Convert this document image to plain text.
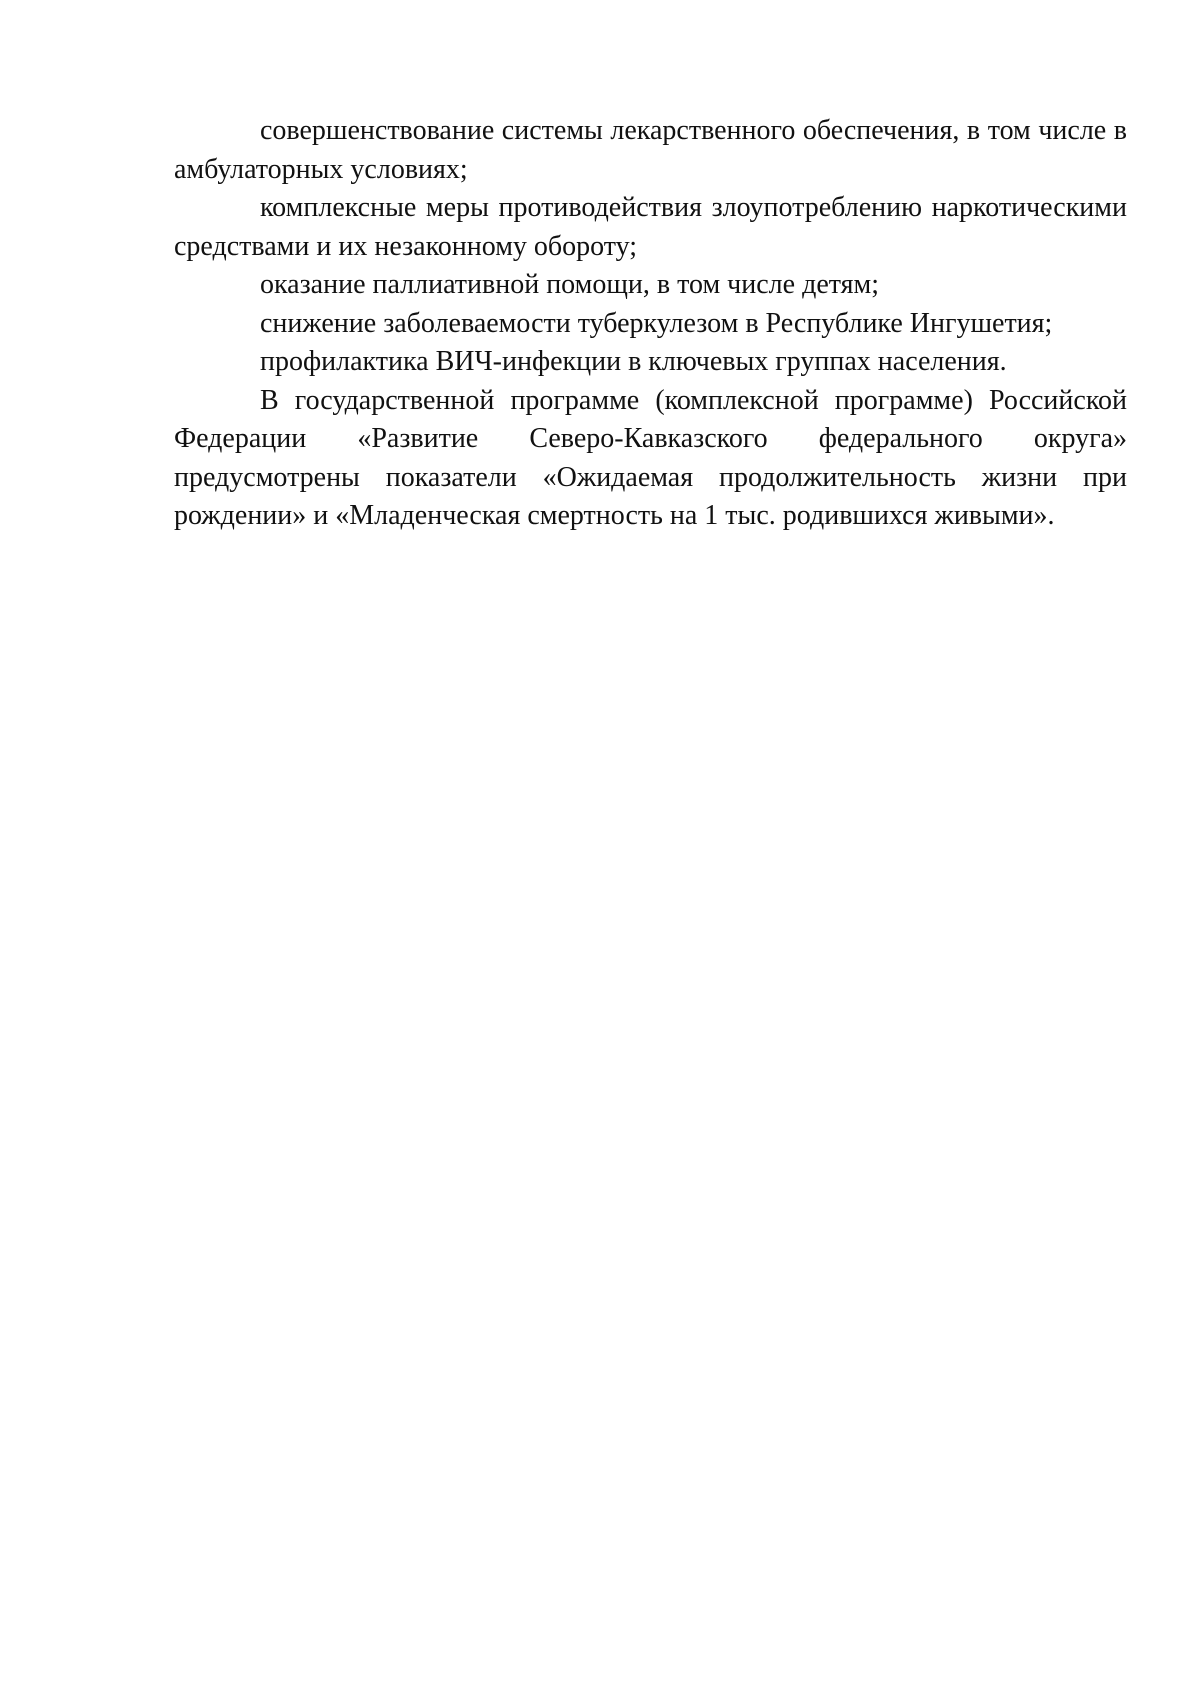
совершенствование системы лекарственного обеспечения, в том числе в амбулаторных условиях;

комплексные меры противодействия злоупотреблению наркотическими средствами и их незаконному обороту;

оказание паллиативной помощи, в том числе детям;

снижение заболеваемости туберкулезом в Республике Ингушетия;

профилактика ВИЧ-инфекции в ключевых группах населения.

В государственной программе (комплексной программе) Российской Федерации «Развитие Северо-Кавказского федерального округа» предусмотрены показатели «Ожидаемая продолжительность жизни при рождении» и «Младенческая смертность на 1 тыс. родившихся живыми».
